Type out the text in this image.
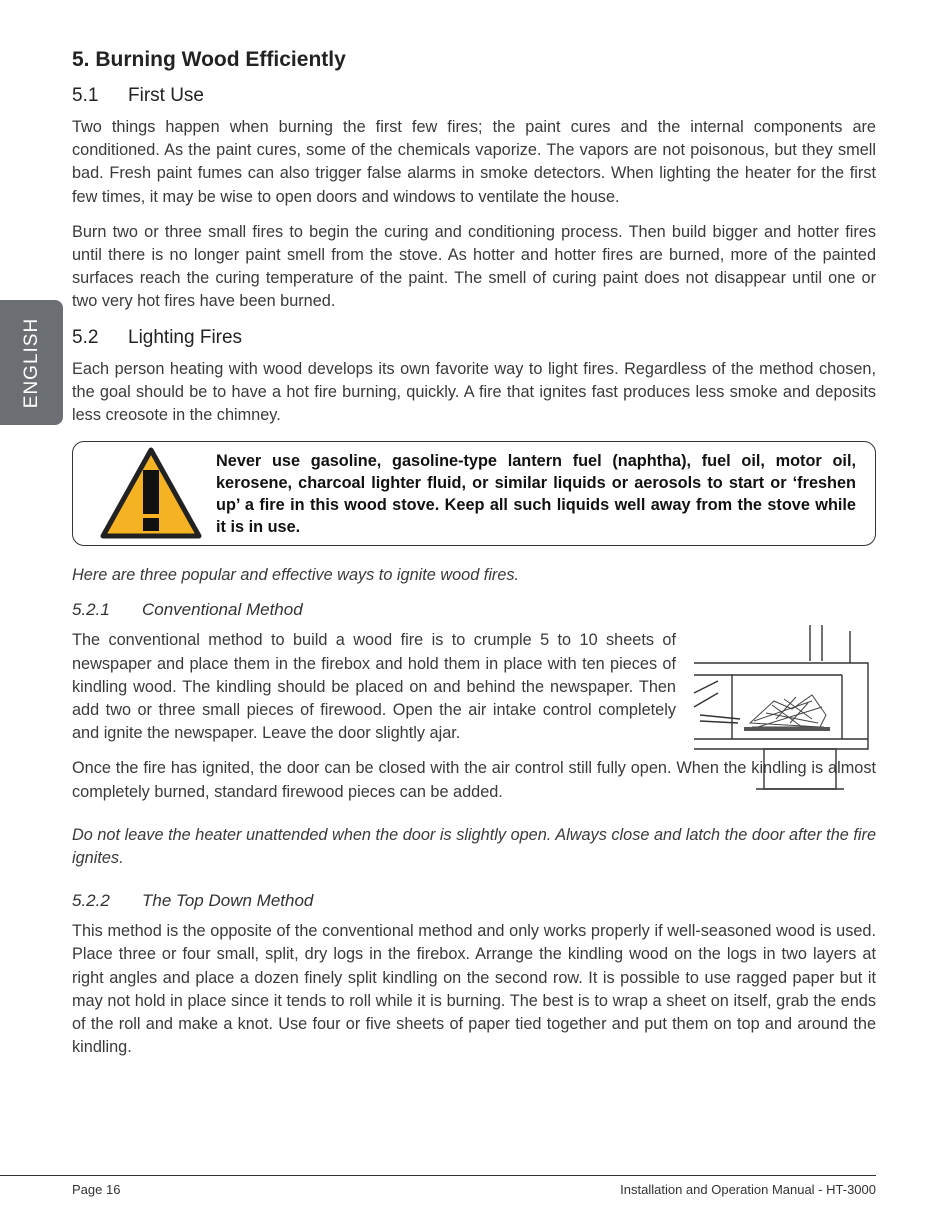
ENGLISH
5. Burning Wood Efficiently
5.1 First Use

Two things happen when burning the first few fires; the paint cures and the internal components are conditioned. As the paint cures, some of the chemicals vaporize. The vapors are not poisonous, but they smell bad. Fresh paint fumes can also trigger false alarms in smoke detectors. When lighting the heater for the first few times, it may be wise to open doors and windows to ventilate the house.

Burn two or three small fires to begin the curing and conditioning process. Then build bigger and hotter fires until there is no longer paint smell from the stove. As hotter and hotter fires are burned, more of the painted surfaces reach the curing temperature of the paint. The smell of curing paint does not disappear until one or two very hot fires have been burned.

5.2 Lighting Fires

Each person heating with wood develops its own favorite way to light fires. Regardless of the method chosen, the goal should be to have a hot fire burning, quickly. A fire that ignites fast produces less smoke and deposits less creosote in the chimney.

Never use gasoline, gasoline-type lantern fuel (naphtha), fuel oil, motor oil, kerosene, charcoal lighter fluid, or similar liquids or aerosols to start or ‘freshen up’ a fire in this wood stove. Keep all such liquids well away from the stove while it is in use.

Here are three popular and effective ways to ignite wood fires.

5.2.1 Conventional Method

The conventional method to build a wood fire is to crumple 5 to 10 sheets of newspaper and place them in the firebox and hold them in place with ten pieces of kindling wood. The kindling should be placed on and behind the newspaper. Then add two or three small pieces of firewood. Open the air intake control completely and ignite the newspaper. Leave the door slightly ajar.

Once the fire has ignited, the door can be closed with the air control still fully open. When the kindling is almost completely burned, standard firewood pieces can be added.

Do not leave the heater unattended when the door is slightly open. Always close and latch the door after the fire ignites.

5.2.2 The Top Down Method

This method is the opposite of the conventional method and only works properly if well-seasoned wood is used. Place three or four small, split, dry logs in the firebox. Arrange the kindling wood on the logs in two layers at right angles and place a dozen finely split kindling on the second row. It is possible to use ragged paper but it may not hold in place since it tends to roll while it is burning. The best is to wrap a sheet on itself, grab the ends of the roll and make a knot. Use four or five sheets of paper tied together and put them on top and around the kindling.

Page 16	Installation and Operation Manual - HT-3000
